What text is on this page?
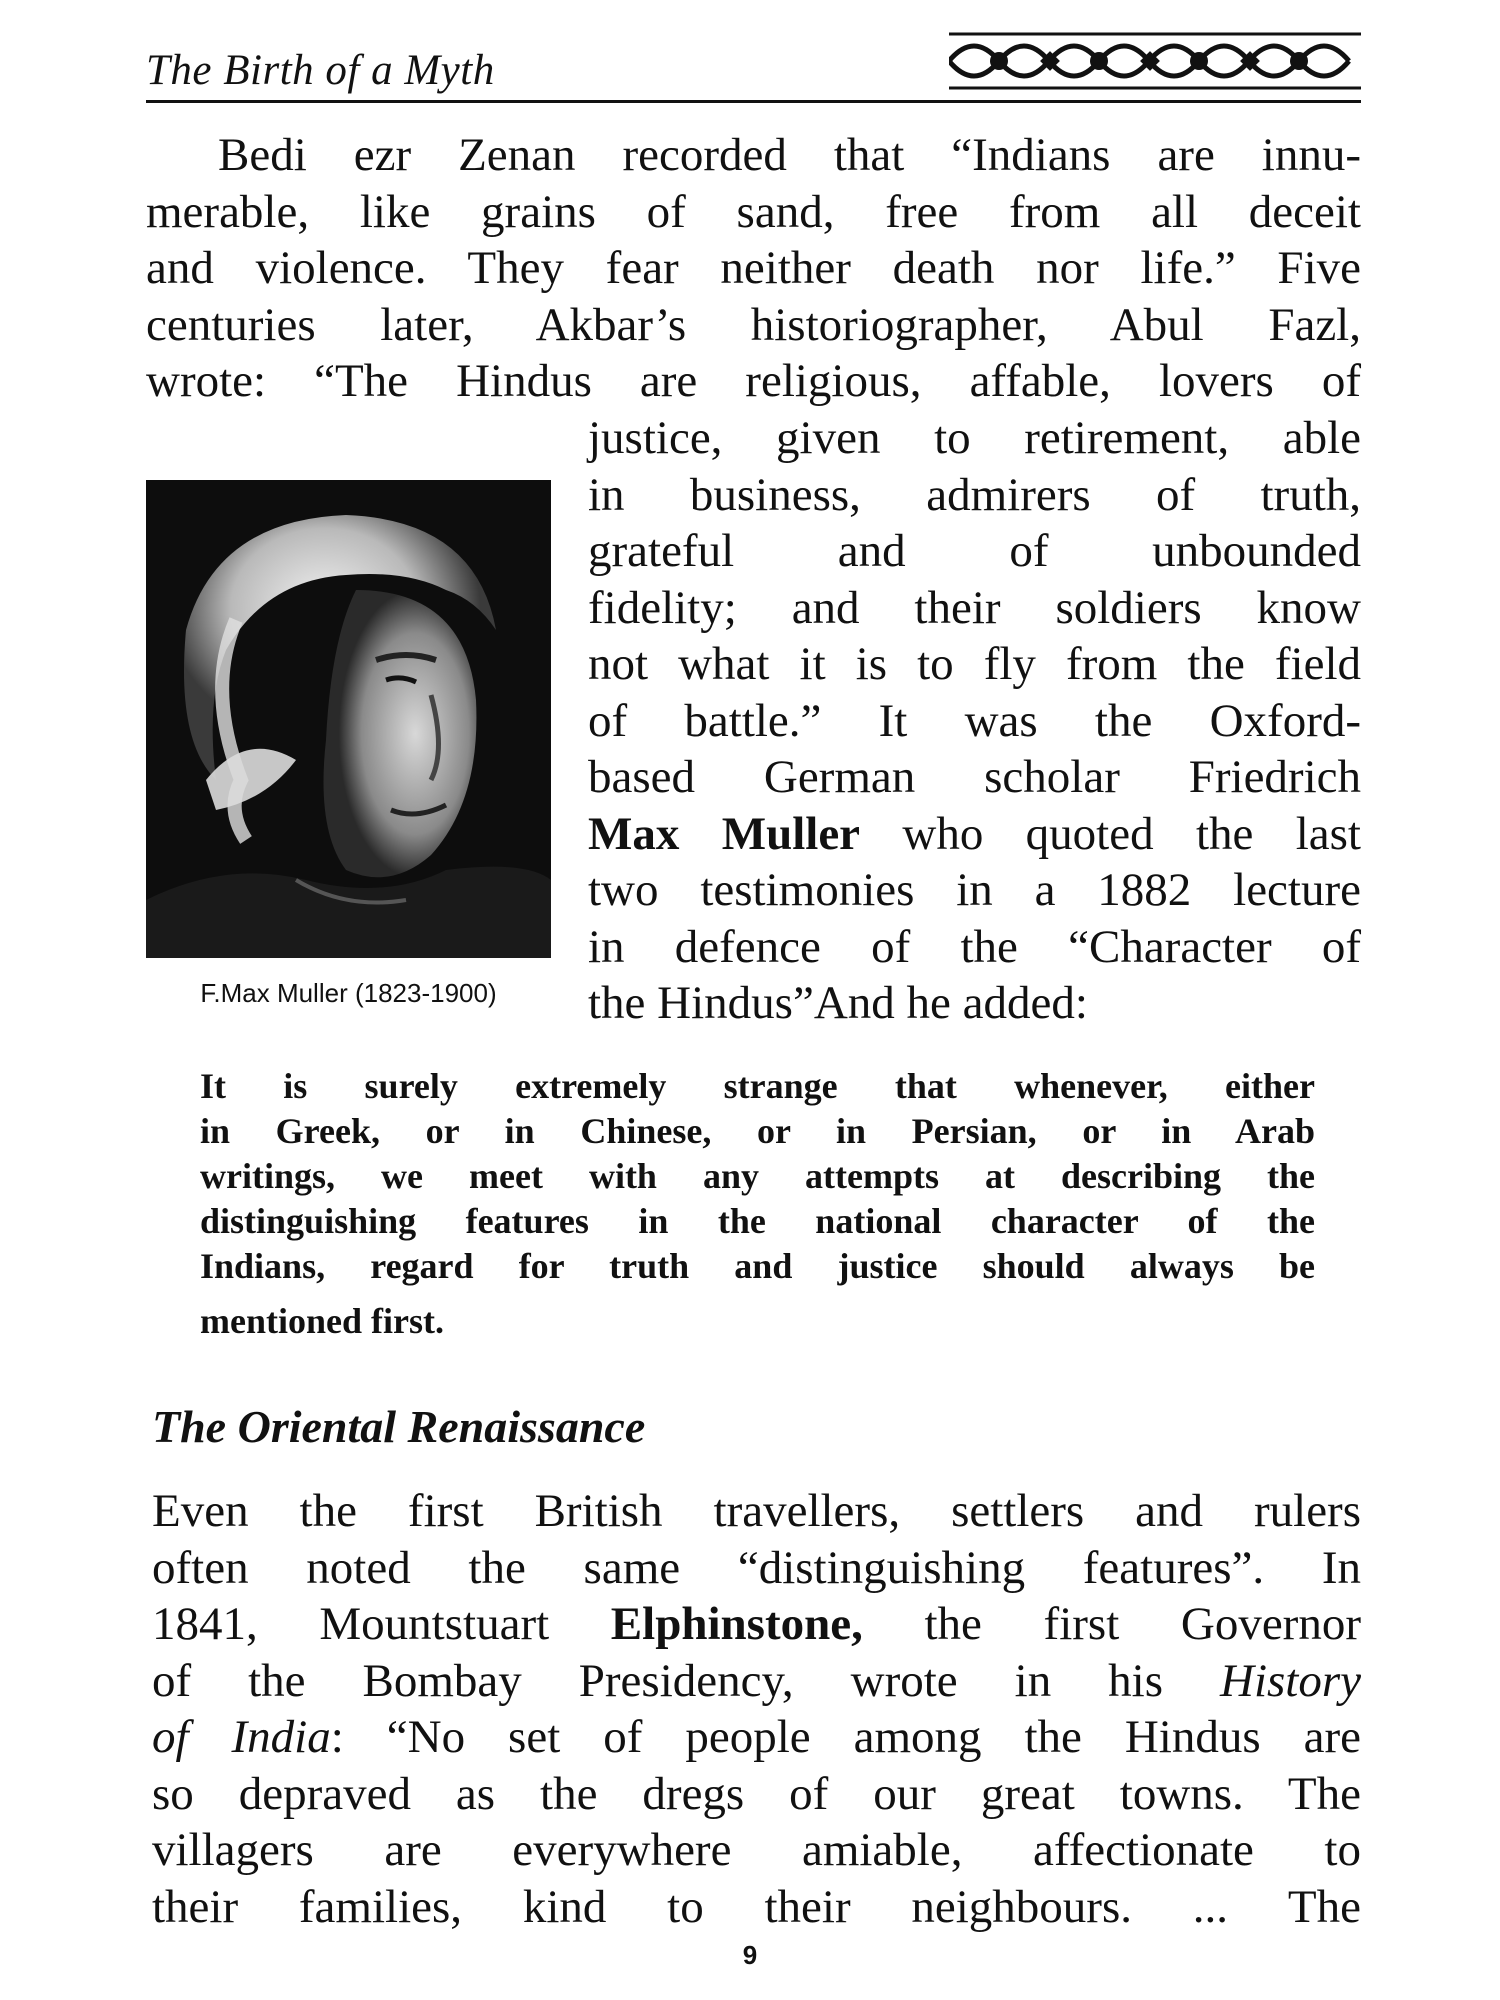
The Birth of a Myth
Bedi ezr Zenan recorded that “Indians are innu-
merable, like grains of sand, free from all deceit
and violence. They fear neither death nor life.” Five
centuries later, Akbar’s historiographer, Abul Fazl,
wrote: “The Hindus are religious, affable, lovers of
justice, given to retirement, able
in business, admirers of truth,
grateful and of unbounded
fidelity; and their soldiers know
not what it is to fly from the field
of battle.” It was the Oxford-
based German scholar Friedrich
Max Muller who quoted the last
two testimonies in a 1882 lecture
in defence of the “Character of
the Hindus”And he added:
F.Max Muller (1823-1900)
It is surely extremely strange that whenever, either
in Greek, or in Chinese, or in Persian, or in Arab
writings, we meet with any attempts at describing the
distinguishing features in the national character of the
Indians, regard for truth and justice should always be
mentioned first.
The Oriental Renaissance
Even the first British travellers, settlers and rulers
often noted the same “distinguishing features”. In
1841, Mountstuart Elphinstone, the first Governor
of the Bombay Presidency, wrote in his History
of India: “No set of people among the Hindus are
so depraved as the dregs of our great towns. The
villagers are everywhere amiable, affectionate to
their families, kind to their neighbours. ... The
9
